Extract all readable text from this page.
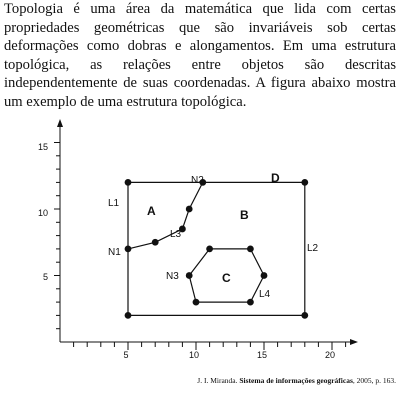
Topologia é uma área da matemática que lida com certas propriedades geométricas que são invariáveis sob certas deformações como dobras e alongamentos. Em uma estrutura topológica, as relações entre objetos são descritas independentemente de suas coordenadas. A figura abaixo mostra um exemplo de uma estrutura topológica.

5	10	15	20
5
10
15
N1
N2
N3
L1
L2
L3
L4
A	B
C
D
J. I. Miranda. Sistema de informações geográficas, 2005, p. 163.
